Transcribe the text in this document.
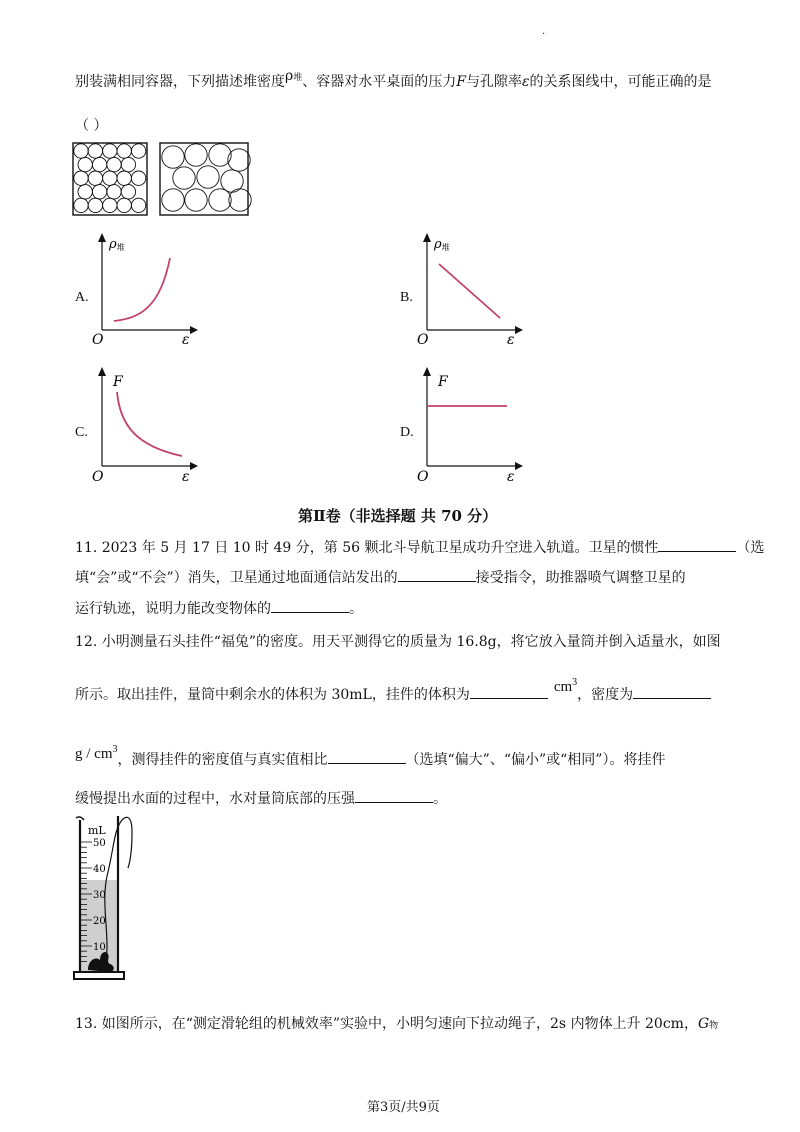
.
别装满相同容器，下列描述堆密度ρ堆、容器对水平桌面的压力F与孔隙率ε的关系图线中，可能正确的是
（ ）
A.	B.
C.	D.
ρ堆
O	ε
ρ堆
O	ε
F
O	ε
F
O	ε
第Ⅱ卷（非选择题 共 70 分）
11. 2023 年 5 月 17 日 10 时 49 分，第 56 颗北斗导航卫星成功升空进入轨道。卫星的惯性	（选
填“会”或“不会”）消失，卫星通过地面通信站发出的	接受指令，助推器喷气调整卫星的
运行轨迹，说明力能改变物体的	。
12. 小明测量石头挂件“福兔”的密度。用天平测得它的质量为 16.8g，将它放入量筒并倒入适量水，如图
所示。取出挂件，量筒中剩余水的体积为 30mL，挂件的体积为	$cm^3$，密度为
g / $cm^3$，测得挂件的密度值与真实值相比	（选填“偏大”、“偏小”或“相同”）。将挂件
缓慢提出水面的过程中，水对量筒底部的压强	。
mL
50
40
30
20
10
13. 如图所示，在“测定滑轮组的机械效率”实验中，小明匀速向下拉动绳子，2s 内物体上升 20cm，G物
第3页/共9页
